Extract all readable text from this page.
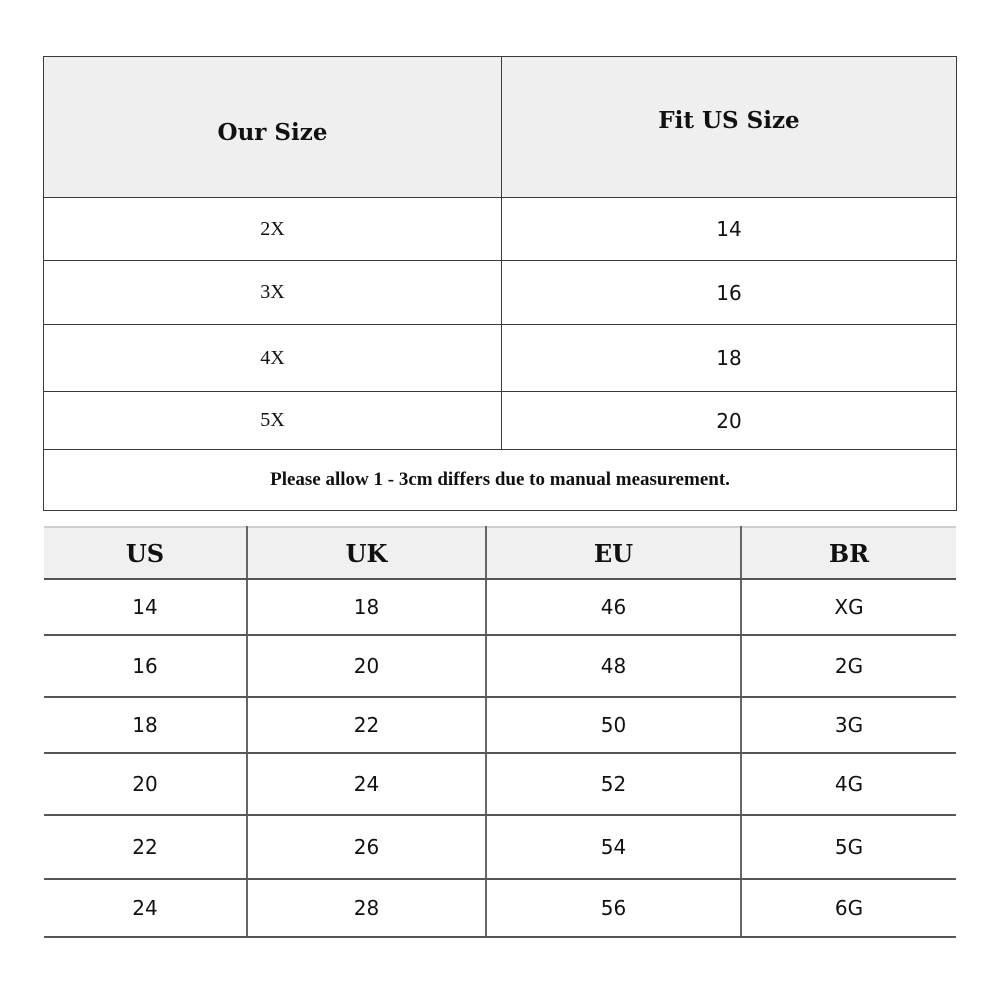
Our Size	Fit US Size
2X	14
3X	16
4X	18
5X	20
Please allow 1 - 3cm differs due to manual measurement.	
US	UK	EU	BR
14	18	46	XG
16	20	48	2G
18	22	50	3G
20	24	52	4G
22	26	54	5G
24	28	56	6G
